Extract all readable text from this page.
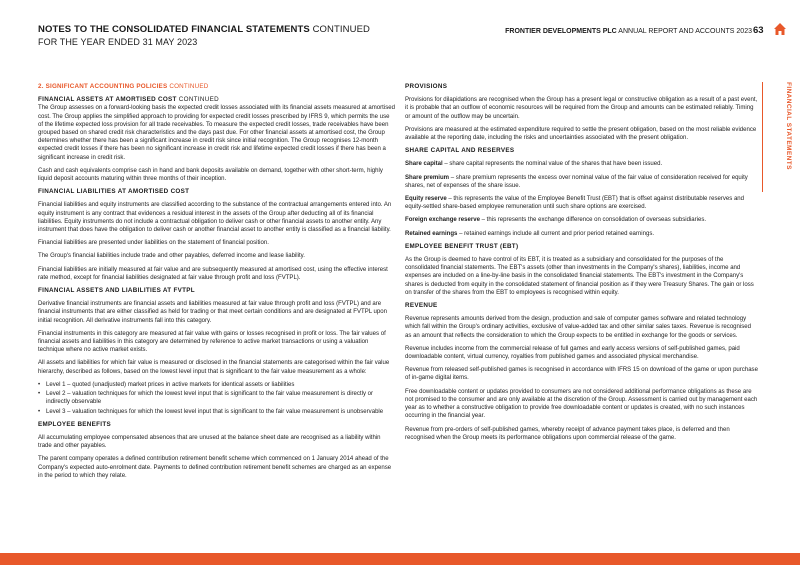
NOTES TO THE CONSOLIDATED FINANCIAL STATEMENTS CONTINUED
FOR THE YEAR ENDED 31 MAY 2023
FRONTIER DEVELOPMENTS PLC ANNUAL REPORT AND ACCOUNTS 2023 63
FINANCIAL STATEMENTS

2. SIGNIFICANT ACCOUNTING POLICIES CONTINUED

FINANCIAL ASSETS AT AMORTISED COST CONTINUED

The Group assesses on a forward-looking basis the expected credit losses associated with its financial assets measured at amortised cost. The Group applies the simplified approach to providing for expected credit losses prescribed by IFRS 9, which permits the use of the lifetime expected loss provision for all trade receivables. To measure the expected credit losses, trade receivables have been grouped based on shared credit risk characteristics and the days past due. For other financial assets at amortised cost, the Group determines whether there has been a significant increase in credit risk since initial recognition. The Group recognises 12-month expected credit losses if there has been no significant increase in credit risk and lifetime expected credit losses if there has been a significant increase in credit risk.

Cash and cash equivalents comprise cash in hand and bank deposits available on demand, together with other short-term, highly liquid deposit accounts maturing within three months of their inception.

FINANCIAL LIABILITIES AT AMORTISED COST

Financial liabilities and equity instruments are classified according to the substance of the contractual arrangements entered into. An equity instrument is any contract that evidences a residual interest in the assets of the Group after deducting all of its financial liabilities. Equity instruments do not include a contractual obligation to deliver cash or other financial assets to another entity. Any instrument that does have the obligation to deliver cash or another financial asset to another entity is classified as a financial liability.

Financial liabilities are presented under liabilities on the statement of financial position.

The Group's financial liabilities include trade and other payables, deferred income and lease liability.

Financial liabilities are initially measured at fair value and are subsequently measured at amortised cost, using the effective interest rate method, except for financial liabilities designated at fair value through profit and loss (FVTPL).

FINANCIAL ASSETS AND LIABILITIES AT FVTPL

Derivative financial instruments are financial assets and liabilities measured at fair value through profit and loss (FVTPL) and are financial instruments that are either classified as held for trading or that meet certain conditions and are designated at FVTPL upon initial recognition. All derivative instruments fall into this category.

Financial instruments in this category are measured at fair value with gains or losses recognised in profit or loss. The fair values of financial assets and liabilities in this category are determined by reference to active market transactions or using a valuation technique where no active market exists.

All assets and liabilities for which fair value is measured or disclosed in the financial statements are categorised within the fair value hierarchy, described as follows, based on the lowest level input that is significant to the fair value measurement as a whole:

• Level 1 – quoted (unadjusted) market prices in active markets for identical assets or liabilities
• Level 2 – valuation techniques for which the lowest level input that is significant to the fair value measurement is directly or indirectly observable
• Level 3 – valuation techniques for which the lowest level input that is significant to the fair value measurement is unobservable

EMPLOYEE BENEFITS

All accumulating employee compensated absences that are unused at the balance sheet date are recognised as a liability within trade and other payables.

The parent company operates a defined contribution retirement benefit scheme which commenced on 1 January 2014 ahead of the Company's expected auto-enrolment date. Payments to defined contribution retirement benefit schemes are charged as an expense in the period to which they relate.

PROVISIONS

Provisions for dilapidations are recognised when the Group has a present legal or constructive obligation as a result of a past event, it is probable that an outflow of economic resources will be required from the Group and amounts can be estimated reliably. Timing or amount of the outflow may be uncertain.

Provisions are measured at the estimated expenditure required to settle the present obligation, based on the most reliable evidence available at the reporting date, including the risks and uncertainties associated with the present obligation.

SHARE CAPITAL AND RESERVES

Share capital – share capital represents the nominal value of the shares that have been issued.

Share premium – share premium represents the excess over nominal value of the fair value of consideration received for equity shares, net of expenses of the share issue.

Equity reserve – this represents the value of the Employee Benefit Trust (EBT) that is offset against distributable reserves and equity-settled share-based employee remuneration until such share options are exercised.

Foreign exchange reserve – this represents the exchange difference on consolidation of overseas subsidiaries.

Retained earnings – retained earnings include all current and prior period retained earnings.

EMPLOYEE BENEFIT TRUST (EBT)

As the Group is deemed to have control of its EBT, it is treated as a subsidiary and consolidated for the purposes of the consolidated financial statements. The EBT's assets (other than investments in the Company's shares), liabilities, income and expenses are included on a line-by-line basis in the consolidated financial statements. The EBT's investment in the Company's shares is deducted from equity in the consolidated statement of financial position as if they were Treasury Shares. The gain or loss on transfer of the shares from the EBT to employees is recognised within equity.

REVENUE

Revenue represents amounts derived from the design, production and sale of computer games software and related technology which fall within the Group's ordinary activities, exclusive of value-added tax and other similar sales taxes. Revenue is recognised as an amount that reflects the consideration to which the Group expects to be entitled in exchange for the goods or services.

Revenue includes income from the commercial release of full games and early access versions of self-published games, paid downloadable content, virtual currency, royalties from published games and associated physical merchandise.

Revenue from released self-published games is recognised in accordance with IFRS 15 on download of the game or upon purchase of in-game digital items.

Free downloadable content or updates provided to consumers are not considered additional performance obligations as these are not promised to the consumer and are only available at the discretion of the Group. Assessment is carried out by management each year as to whether a constructive obligation to provide free downloadable content or updates is created, with no such instances occurring in the financial year.

Revenue from pre-orders of self-published games, whereby receipt of advance payment takes place, is deferred and then recognised when the Group meets its performance obligations upon commercial release of the game.
